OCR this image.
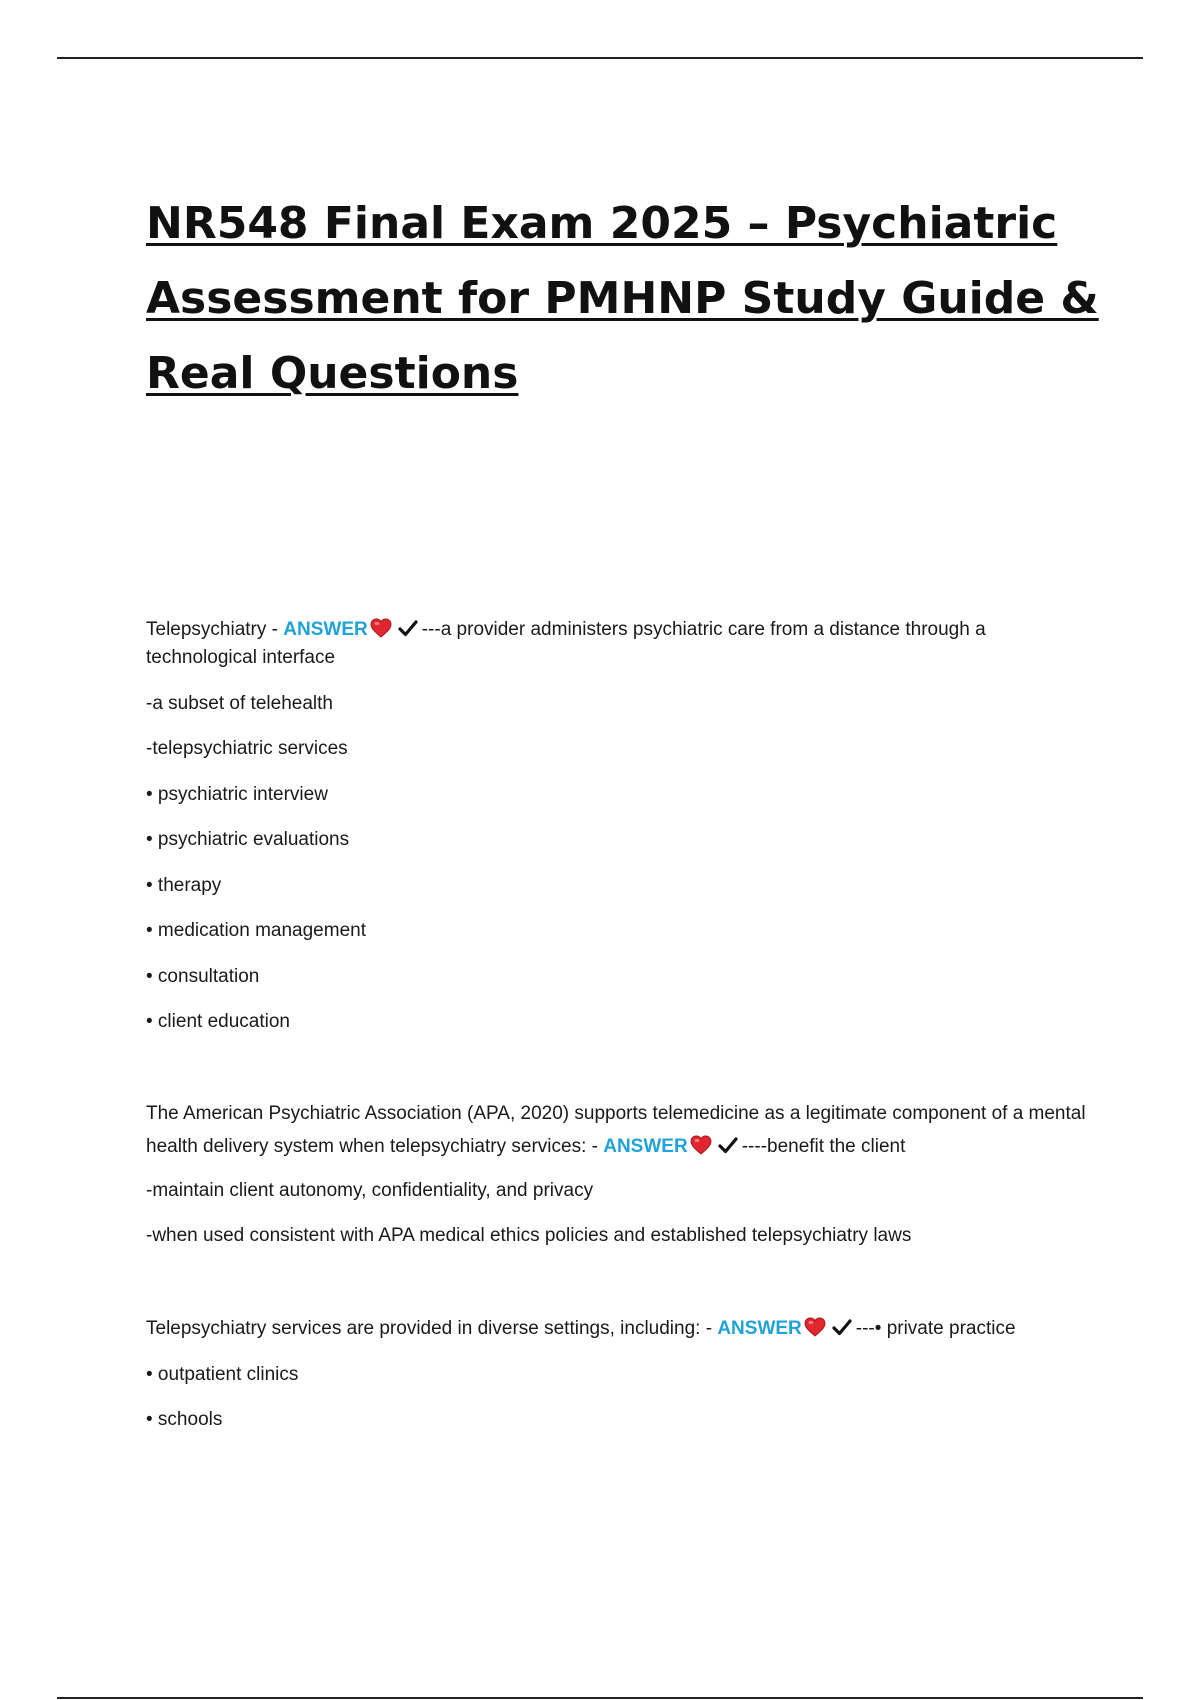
NR548 Final Exam 2025 – Psychiatric Assessment for PMHNP Study Guide & Real Questions

Telepsychiatry - ANSWER	---a provider administers psychiatric care from a distance through a technological interface

-a subset of telehealth

-telepsychiatric services

• psychiatric interview

• psychiatric evaluations

• therapy

• medication management

• consultation

• client education

The American Psychiatric Association (APA, 2020) supports telemedicine as a legitimate component of a mental health delivery system when telepsychiatry services: - ANSWER	----benefit the client

-maintain client autonomy, confidentiality, and privacy

-when used consistent with APA medical ethics policies and established telepsychiatry laws

Telepsychiatry services are provided in diverse settings, including: - ANSWER	---• private practice

• outpatient clinics

• schools
